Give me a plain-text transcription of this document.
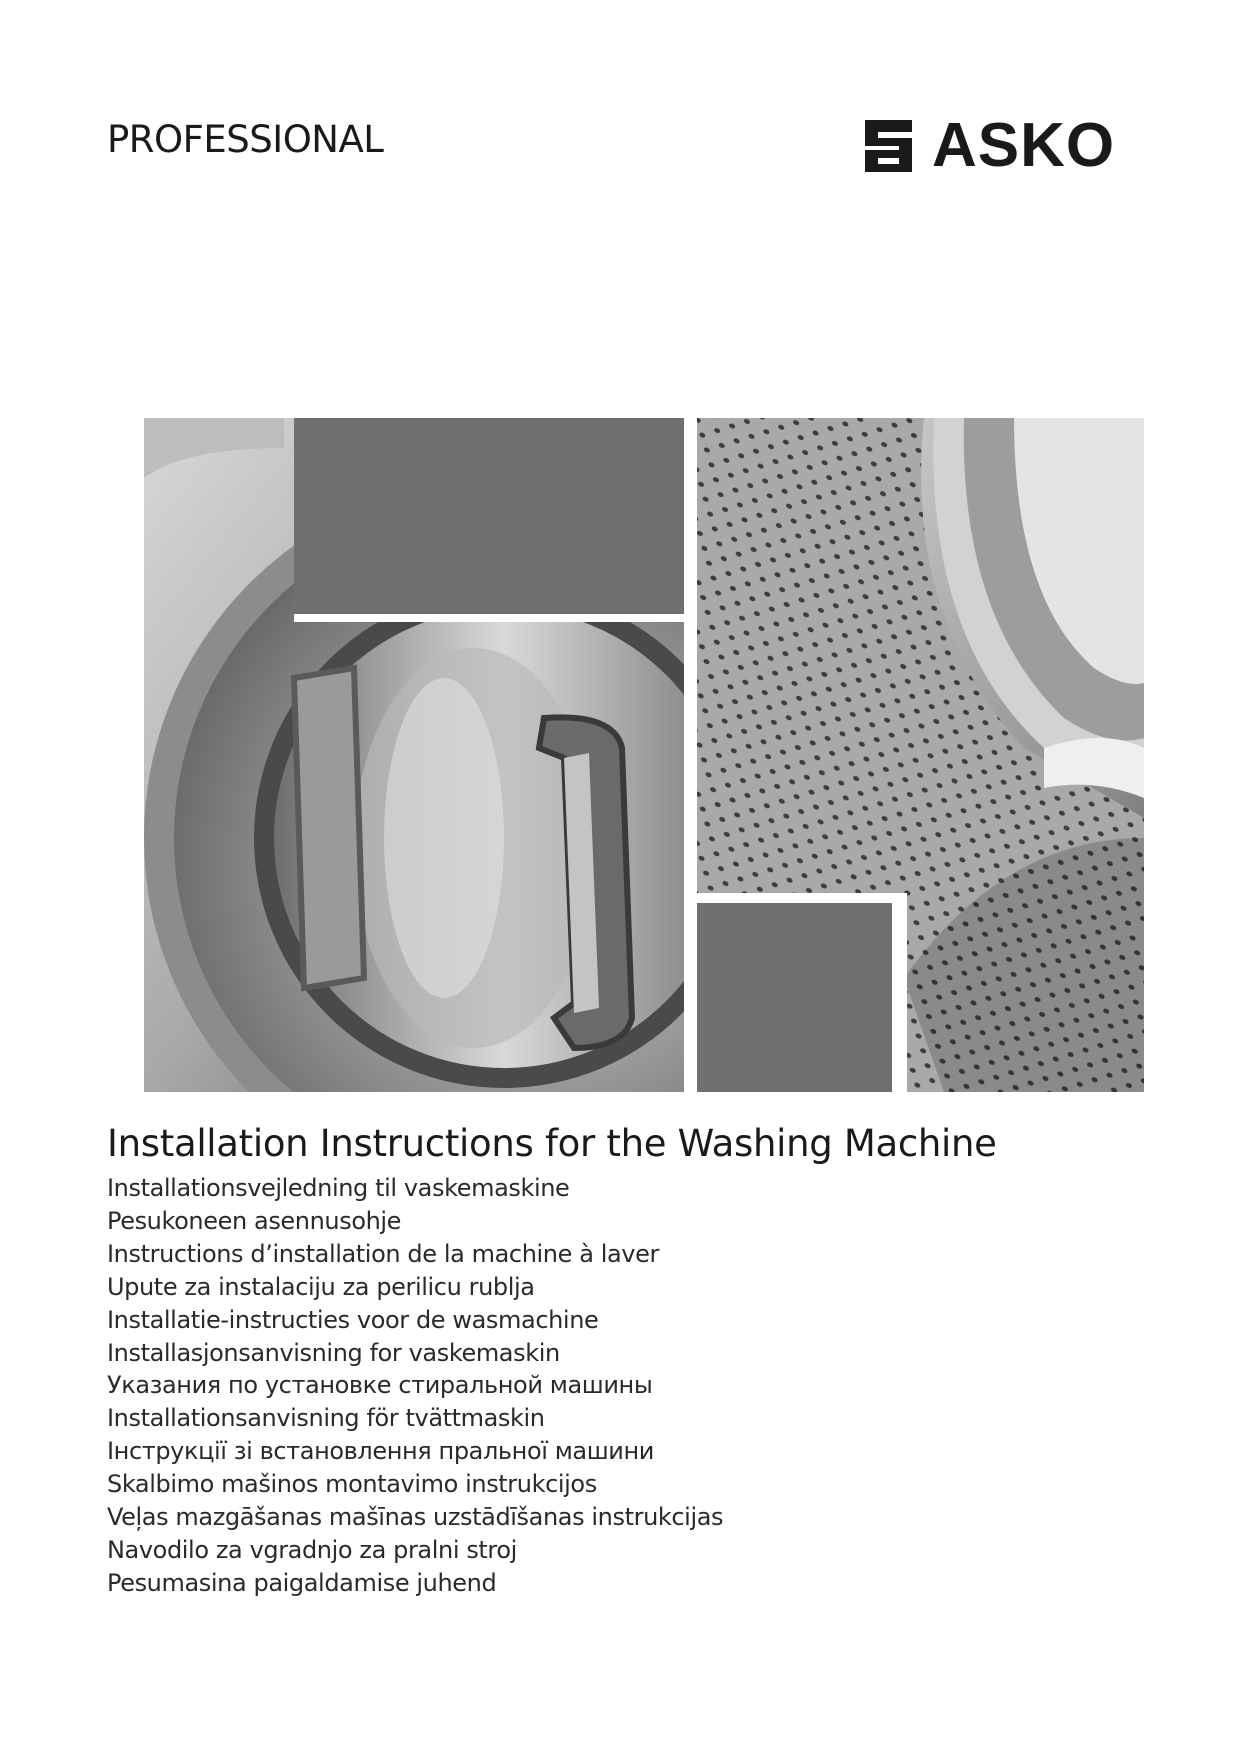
PROFESSIONAL	ASKO
Installation Instructions for the Washing Machine
Installationsvejledning til vaskemaskine
Pesukoneen asennusohje
Instructions d’installation de la machine à laver
Upute za instalaciju za perilicu rublja
Installatie-instructies voor de wasmachine
Installasjonsanvisning for vaskemaskin
Указания по установке стиральной машины
Installationsanvisning för tvättmaskin
Інструкції зі встановлення пральної машини
Skalbimo mašinos montavimo instrukcijos
Veļas mazgāšanas mašīnas uzstādīšanas instrukcijas
Navodilo za vgradnjo za pralni stroj
Pesumasina paigaldamise juhend
